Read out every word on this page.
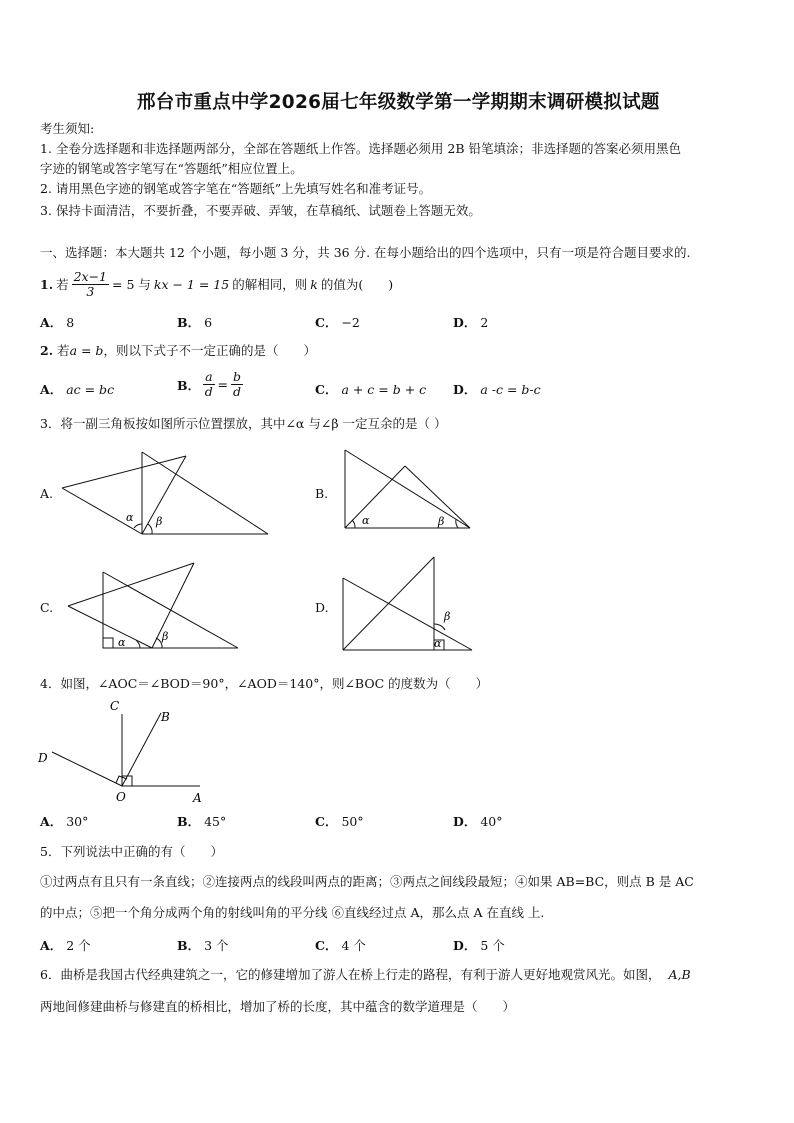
邢台市重点中学2026届七年级数学第一学期期末调研模拟试题
考生须知:
1. 全卷分选择题和非选择题两部分，全部在答题纸上作答。选择题必须用 2B 铅笔填涂；非选择题的答案必须用黑色
字迹的钢笔或答字笔写在“答题纸”相应位置上。
2. 请用黑色字迹的钢笔或答字笔在“答题纸”上先填写姓名和准考证号。
3. 保持卡面清洁，不要折叠，不要弄破、弄皱，在草稿纸、试题卷上答题无效。
一、选择题：本大题共 12 个小题，每小题 3 分，共 36 分. 在每小题给出的四个选项中，只有一项是符合题目要求的.
1. 若 $\frac{2x-1}{3} = 5$ 与 kx − 1 = 15 的解相同，则 k 的值为(　　)
A． 8	B． 6	C． −2	D． 2
2. 若a = b，则以下式子不一定正确的是（　　）
A． ac = bc	B． $\frac{a}{d} = \frac{b}{d}$	C． a + c = b + c D． a -c = b-c
3．将一副三角板按如图所示位置摆放，其中∠α 与∠β 一定互余的是（ ）
A.
α β
B.
α	β
C.
α	β
D.
β
α
4．如图，∠AOC＝∠BOD＝90°，∠AOD＝140°，则∠BOC 的度数为（　　）
C
B
D
O	A
A． 30°	B． 45°	C． 50°	D． 40°
5．下列说法中正确的有（　　）
①过两点有且只有一条直线；②连接两点的线段叫两点的距离；③两点之间线段最短；④如果 AB=BC，则点 B 是 AC
的中点；⑤把一个角分成两个角的射线叫角的平分线 ⑥直线经过点 A，那么点 A 在直线 上.
A． 2 个	B． 3 个	C． 4 个	D． 5 个
6．曲桥是我国古代经典建筑之一，它的修建增加了游人在桥上行走的路程，有利于游人更好地观赏风光。如图， A,B
两地间修建曲桥与修建直的桥相比，增加了桥的长度，其中蕴含的数学道理是（　　）
